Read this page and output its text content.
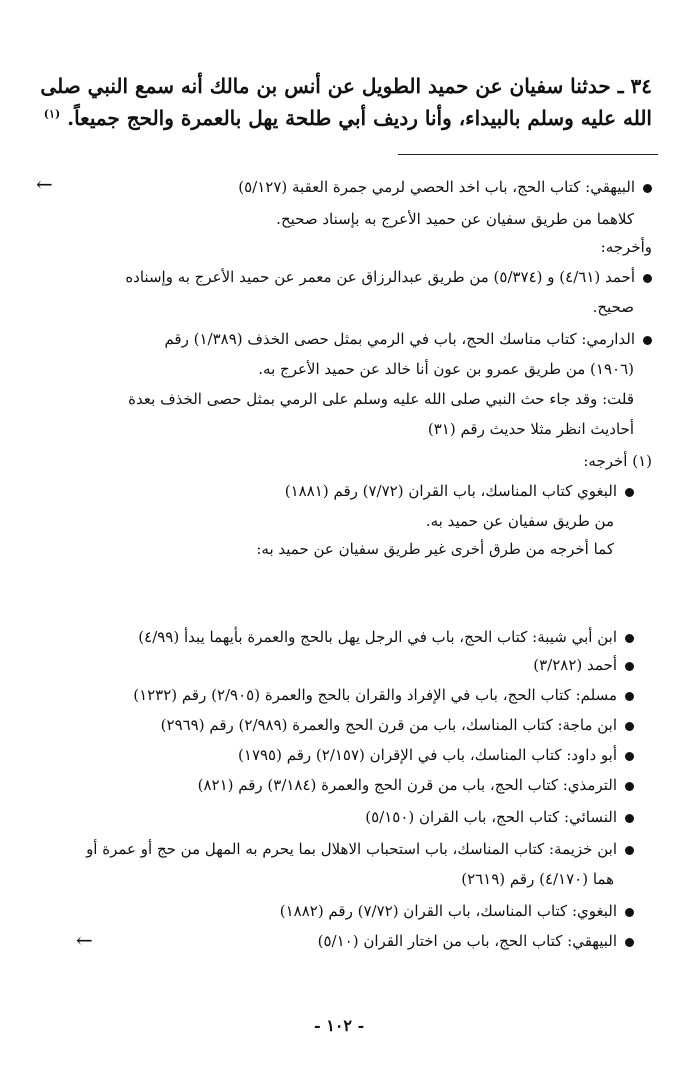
٣٤ ـ حدثنا سفيان عن حميد الطويل عن أنس بن مالك أنه سمع النبي صلى
الله عليه وسلم بالبيداء، وأنا رديف أبي طلحة يهل بالعمرة والحج جميعاً. $^{(١)}$
←
←
البيهقي: كتاب الحج، باب اخد الحصي لرمي جمرة العقبة (٥/١٢٧)
كلاهما من طريق سفيان عن حميد الأعرج به بإسناد صحيح.
وأخرجه:
أحمد (٤/٦١) و (٥/٣٧٤) من طريق عبدالرزاق عن معمر عن حميد الأعرج به وإسناده
صحيح.
الدارمي: كتاب مناسك الحج، باب في الرمي بمثل حصى الخذف (١/٣٨٩) رقم
(١٩٠٦) من طريق عمرو بن عون أنا خالد عن حميد الأعرج به.
قلت: وقد جاء حث النبي صلى الله عليه وسلم على الرمي بمثل حصى الخذف بعدة
أحاديث انظر مثلا حديث رقم (٣١)
(١) أخرجه:
البغوي كتاب المناسك، باب القران (٧/٧٢) رقم (١٨٨١)
من طريق سفيان عن حميد به.
كما أخرجه من طرق أخرى غير طريق سفيان عن حميد به:
ابن أبي شيبة: كتاب الحج، باب في الرجل يهل بالحج والعمرة بأيهما يبدأ (٤/٩٩)
أحمد (٣/٢٨٢)
مسلم: كتاب الحج، باب في الإفراد والقران بالحج والعمرة (٢/٩٠٥) رقم (١٢٣٢)
ابن ماجة: كتاب المناسك، باب من قرن الحج والعمرة (٢/٩٨٩) رقم (٢٩٦٩)
أبو داود: كتاب المناسك، باب في الإقران (٢/١٥٧) رقم (١٧٩٥)
الترمذي: كتاب الحج، باب من قرن الحج والعمرة (٣/١٨٤) رقم (٨٢١)
النسائي: كتاب الحج، باب القران (٥/١٥٠)
ابن خزيمة: كتاب المناسك، باب استحباب الاهلال بما يحرم به المهل من حج أو عمرة أو
هما (٤/١٧٠) رقم (٢٦١٩)
البغوي: كتاب المناسك، باب القران (٧/٧٢) رقم (١٨٨٢)
البيهقي: كتاب الحج، باب من اختار القران (٥/١٠)
- ١٠٢ -
